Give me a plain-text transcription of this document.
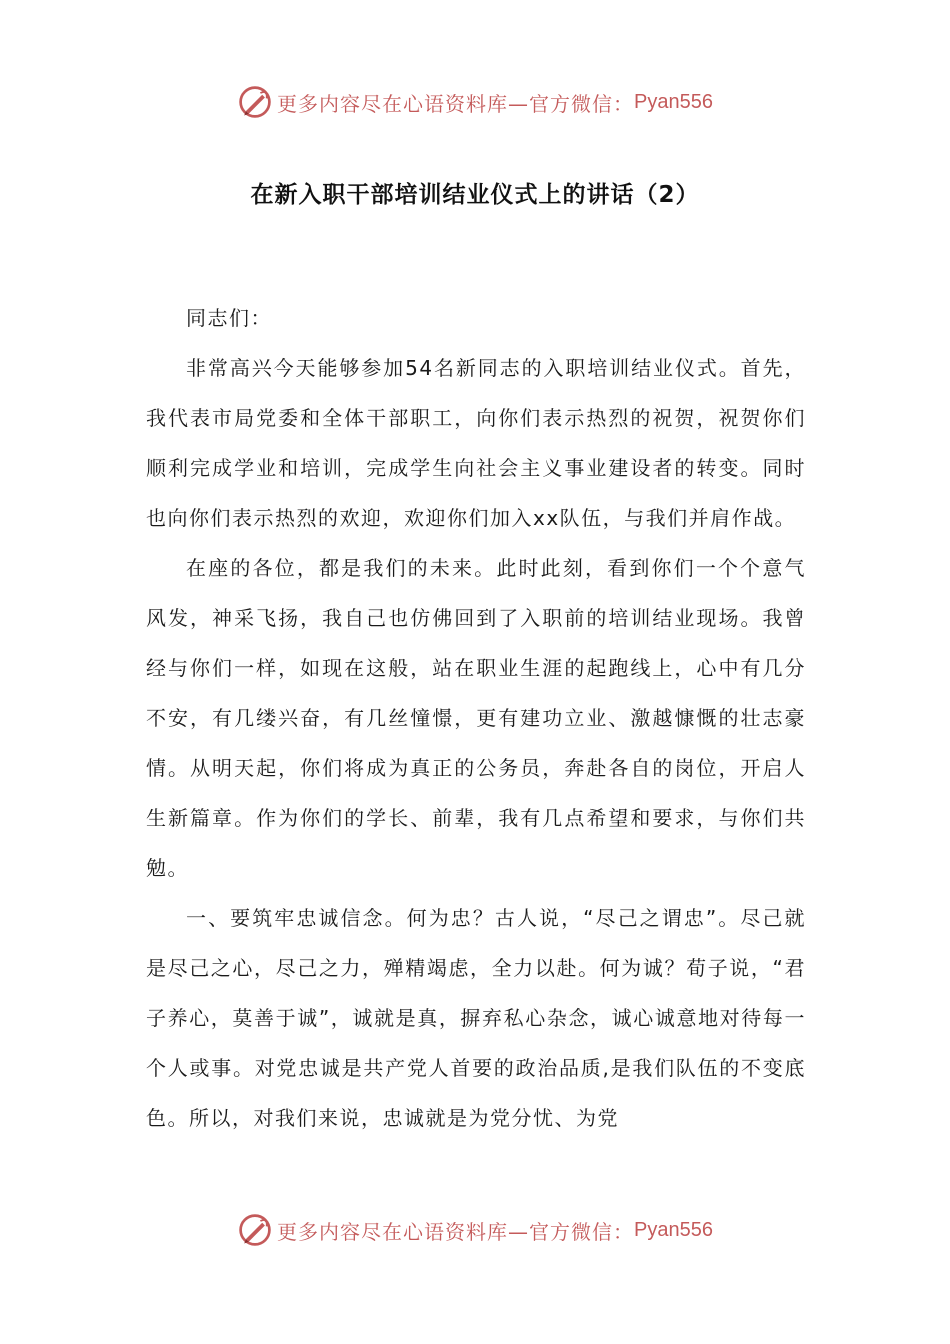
更多内容尽在心语资料库—官方微信： Pyan556
在新入职干部培训结业仪式上的讲话（2）

同志们：

非常高兴今天能够参加54名新同志的入职培训结业仪式。首先，我代表市局党委和全体干部职工，向你们表示热烈的祝贺，祝贺你们顺利完成学业和培训，完成学生向社会主义事业建设者的转变。同时也向你们表示热烈的欢迎，欢迎你们加入xx队伍，与我们并肩作战。

在座的各位，都是我们的未来。此时此刻，看到你们一个个意气风发，神采飞扬，我自己也仿佛回到了入职前的培训结业现场。我曾经与你们一样，如现在这般，站在职业生涯的起跑线上，心中有几分不安，有几缕兴奋，有几丝憧憬，更有建功立业、激越慷慨的壮志豪情。从明天起，你们将成为真正的公务员，奔赴各自的岗位，开启人生新篇章。作为你们的学长、前辈，我有几点希望和要求，与你们共勉。

一、要筑牢忠诚信念。何为忠？古人说，“尽己之谓忠”。尽己就是尽己之心，尽己之力，殚精竭虑，全力以赴。何为诚？荀子说，“君子养心，莫善于诚”，诚就是真，摒弃私心杂念，诚心诚意地对待每一个人或事。对党忠诚是共产党人首要的政治品质,是我们队伍的不变底色。所以，对我们来说，忠诚就是为党分忧、为党

更多内容尽在心语资料库—官方微信： Pyan556
